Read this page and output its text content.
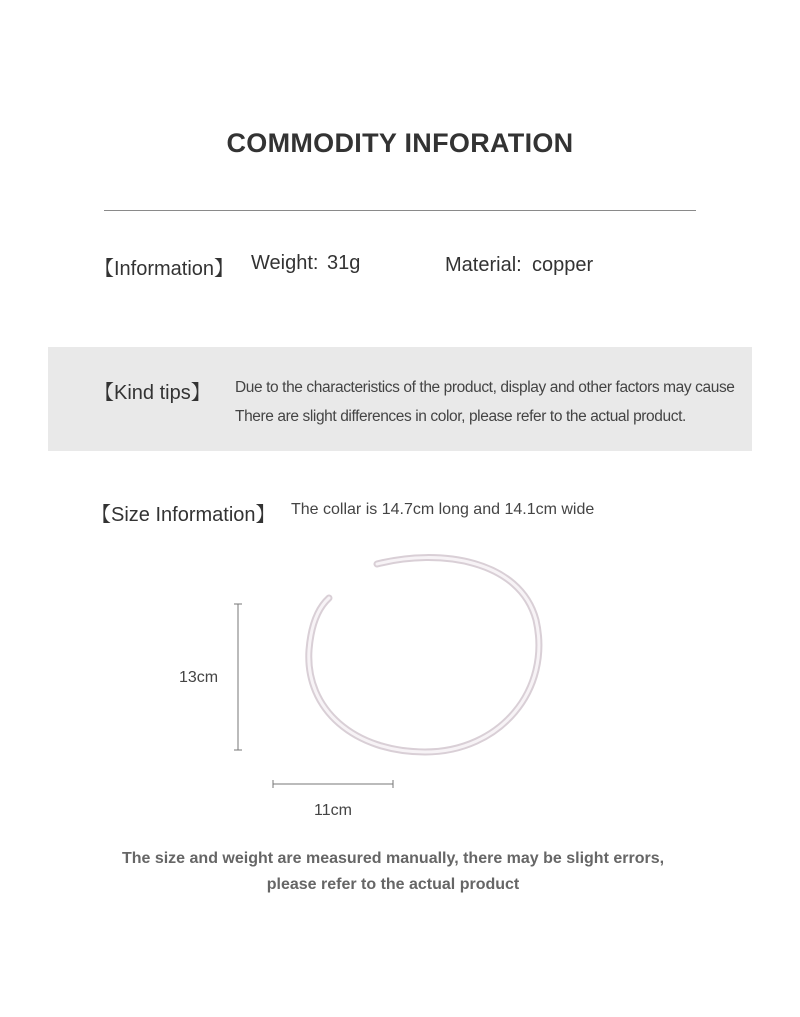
COMMODITY INFORATION
【Information】 Weight: 31g	Material: copper
【Kind tips】 Due to the characteristics of the product, display and other factors may cause
There are slight differences in color, please refer to the actual product.
【Size Information】 The collar is 14.7cm long and 14.1cm wide
13cm
11cm
The size and weight are measured manually, there may be slight errors,
please refer to the actual product
